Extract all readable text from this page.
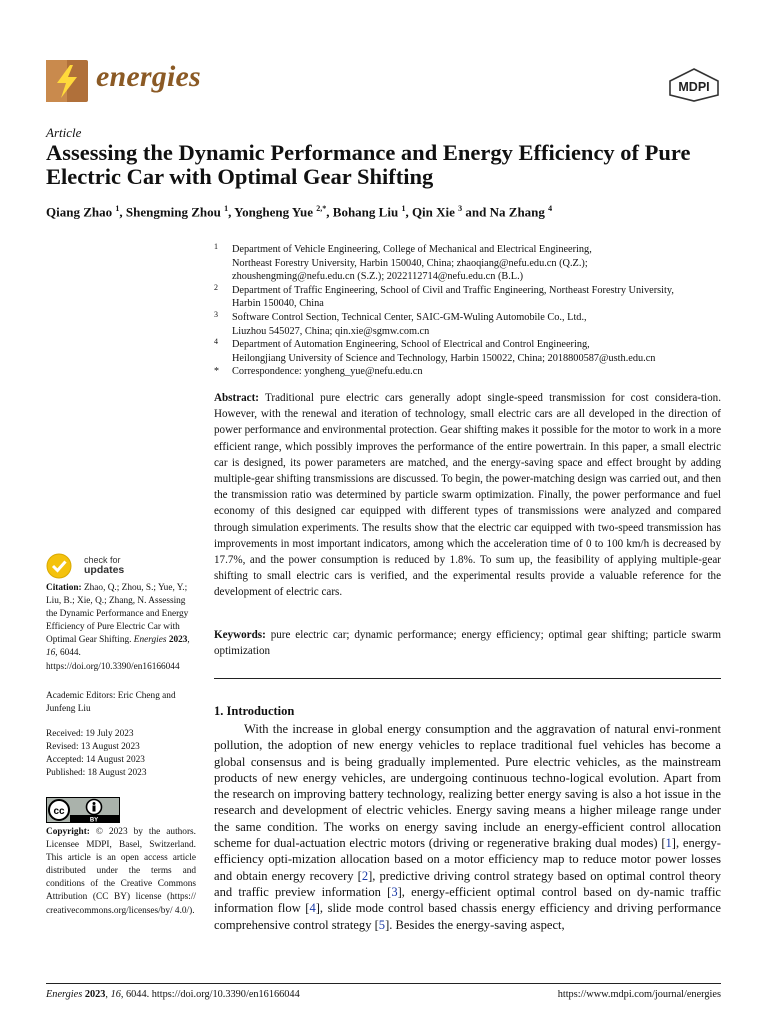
energies	MDPI
Article
Assessing the Dynamic Performance and Energy Efficiency of Pure Electric Car with Optimal Gear Shifting
Qiang Zhao $^1$, Shengming Zhou $^1$, Yongheng Yue $^{2,*}$, Bohang Liu $^1$, Qin Xie $^3$ and Na Zhang $^4$
1 Department of Vehicle Engineering, College of Mechanical and Electrical Engineering,
Northeast Forestry University, Harbin 150040, China; zhaoqiang@nefu.edu.cn (Q.Z.);
zhoushengming@nefu.edu.cn (S.Z.); 2022112714@nefu.edu.cn (B.L.)
2 Department of Traffic Engineering, School of Civil and Traffic Engineering, Northeast Forestry University,
Harbin 150040, China
3 Software Control Section, Technical Center, SAIC-GM-Wuling Automobile Co., Ltd.,
Liuzhou 545027, China; qin.xie@sgmw.com.cn
4 Department of Automation Engineering, School of Electrical and Control Engineering,
Heilongjiang University of Science and Technology, Harbin 150022, China; 2018800587@usth.edu.cn
* Correspondence: yongheng_yue@nefu.edu.cn
Abstract: Traditional pure electric cars generally adopt single-speed transmission for cost considera-tion. However, with the renewal and iteration of technology, small electric cars are all developed in the direction of power performance and environmental protection. Gear shifting makes it possible for the motor to work in a more efficient range, which possibly improves the performance of the entire powertrain. In this paper, a small electric car is designed, its power parameters are matched, and the energy-saving space and effect brought by adding multiple-gear shifting transmissions are discussed. To begin, the power-matching design was carried out, and then the transmission ratio was determined by particle swarm optimization. Finally, the power performance and fuel economy of this designed car equipped with different types of transmissions were analyzed and compared through simulation experiments. The results show that the electric car equipped with two-speed transmission has improvements in most important indicators, among which the acceleration time of 0 to 100 km/h is decreased by 17.7%, and the power consumption is reduced by 1.8%. To sum up, the feasibility of applying multiple-gear shifting to small electric cars is verified, and the experimental results provide a valuable reference for the development of electric cars.
Keywords: pure electric car; dynamic performance; energy efficiency; optimal gear shifting; particle swarm optimization
1. Introduction
With the increase in global energy consumption and the aggravation of natural envi-ronment pollution, the adoption of new energy vehicles to replace traditional fuel vehicles has become a global consensus and is being gradually implemented. Pure electric vehicles, as the mainstream products of new energy vehicles, are undergoing continuous techno-logical evolution. Apart from the research on improving battery technology, realizing better energy saving is also a hot issue in the research and development of electric vehicles. Energy saving means a higher mileage range under the same condition. The works on energy saving include an energy-efficient control allocation scheme for dual-actuation electric motors (driving or regenerative braking dual modes) [1], energy-efficiency opti-mization allocation based on a motor efficiency map to reduce motor power losses and obtain energy recovery [2], predictive driving control strategy based on optimal control theory and traffic preview information [3], energy-efficient optimal control based on dy-namic traffic information flow [4], slide mode control based chassis energy efficiency and driving performance comprehensive control strategy [5]. Besides the energy-saving aspect,
check for
updates
Citation: Zhao, Q.; Zhou, S.; Yue, Y.; Liu, B.; Xie, Q.; Zhang, N. Assessing the Dynamic Performance and Energy Efficiency of Pure Electric Car with Optimal Gear Shifting. Energies 2023, 16, 6044. https://doi.org/10.3390/en16166044
Academic Editors: Eric Cheng and Junfeng Liu
Received: 19 July 2023
Revised: 13 August 2023
Accepted: 14 August 2023
Published: 18 August 2023
cc
BY
Copyright: © 2023 by the authors. Licensee MDPI, Basel, Switzerland. This article is an open access article distributed under the terms and conditions of the Creative Commons Attribution (CC BY) license (https:// creativecommons.org/licenses/by/ 4.0/).
Energies 2023, 16, 6044. https://doi.org/10.3390/en16166044	https://www.mdpi.com/journal/energies
